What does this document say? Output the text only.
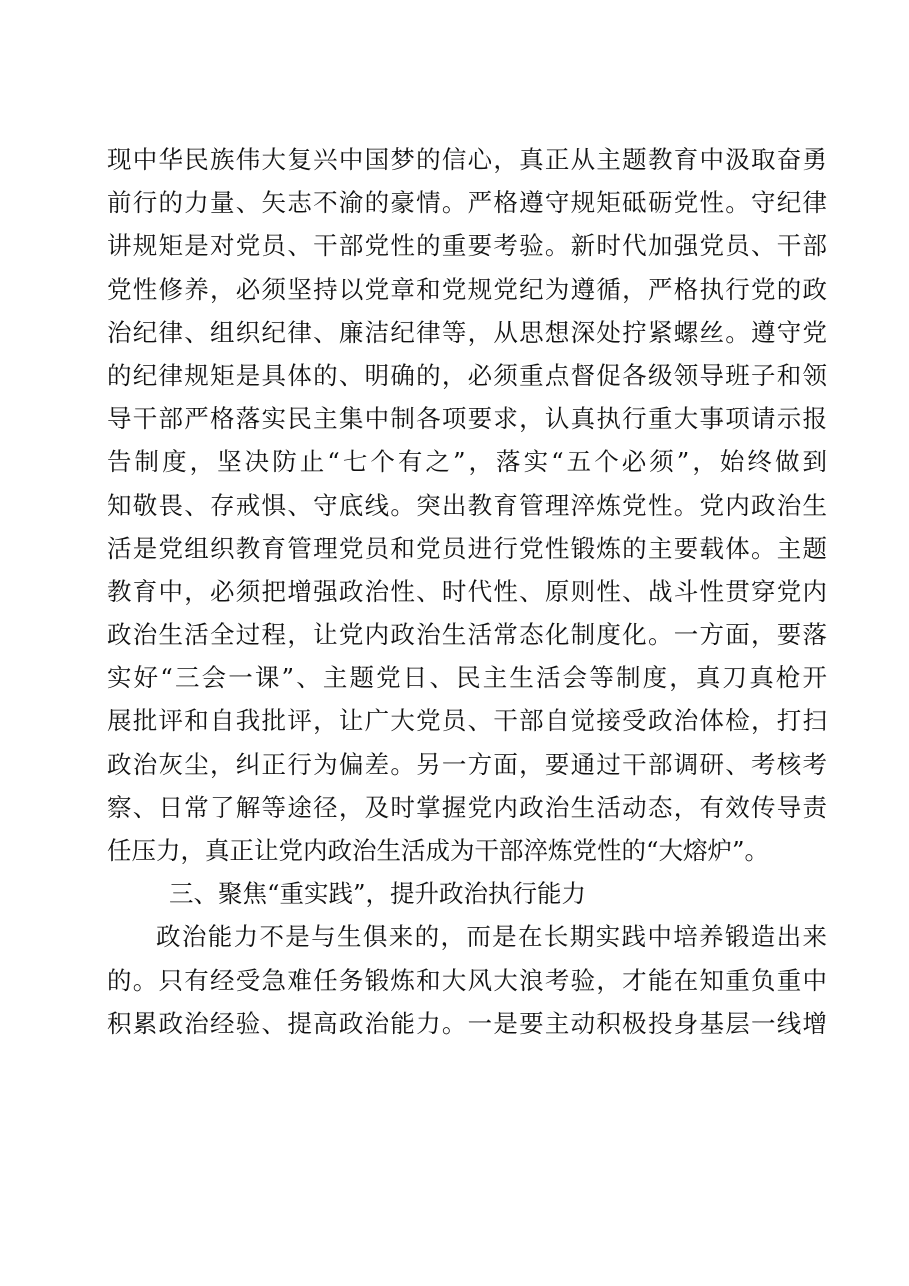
现中华民族伟大复兴中国梦的信心，真正从主题教育中汲取奋勇
前行的力量、矢志不渝的豪情。严格遵守规矩砥砺党性。守纪律
讲规矩是对党员、干部党性的重要考验。新时代加强党员、干部
党性修养，必须坚持以党章和党规党纪为遵循，严格执行党的政
治纪律、组织纪律、廉洁纪律等，从思想深处拧紧螺丝。遵守党
的纪律规矩是具体的、明确的，必须重点督促各级领导班子和领
导干部严格落实民主集中制各项要求，认真执行重大事项请示报
告制度，坚决防止“七个有之”，落实“五个必须”，始终做到
知敬畏、存戒惧、守底线。突出教育管理淬炼党性。党内政治生
活是党组织教育管理党员和党员进行党性锻炼的主要载体。主题
教育中，必须把增强政治性、时代性、原则性、战斗性贯穿党内
政治生活全过程，让党内政治生活常态化制度化。一方面，要落
实好“三会一课”、主题党日、民主生活会等制度，真刀真枪开
展批评和自我批评，让广大党员、干部自觉接受政治体检，打扫
政治灰尘，纠正行为偏差。另一方面，要通过干部调研、考核考
察、日常了解等途径，及时掌握党内政治生活动态，有效传导责
任压力，真正让党内政治生活成为干部淬炼党性的“大熔炉”。
三、聚焦“重实践”，提升政治执行能力
政治能力不是与生俱来的，而是在长期实践中培养锻造出来
的。只有经受急难任务锻炼和大风大浪考验，才能在知重负重中
积累政治经验、提高政治能力。一是要主动积极投身基层一线增
